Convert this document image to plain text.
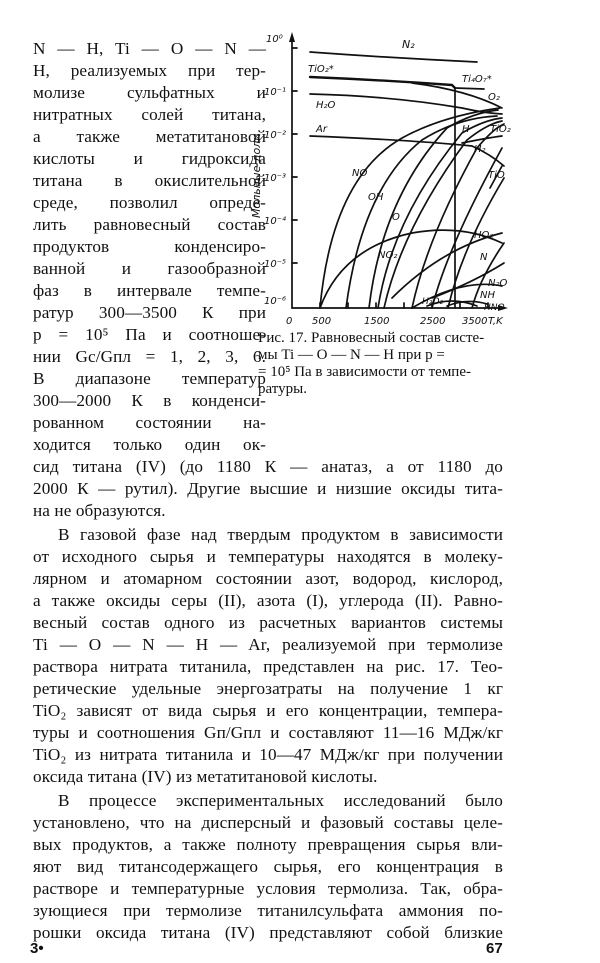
N — H, Ti — O — N —
H, реализуемых при тер-
молизе сульфатных и
нитратных солей титана,
а также метатитановой
кислоты и гидроксида
титана в окислительной
среде, позволил опреде-
лить равновесный состав
продуктов конденсиро-
ванной и газообразной
фаз в интервале темпе-
ратур 300—3500 К при
p = 10⁵ Па и соотноше-
нии Gс/Gпл = 1, 2, 3, 6.
В диапазоне температур
300—2000 К в конденси-
рованном состоянии на-
ходится только один ок-
10⁰
10⁻¹
10⁻²
10⁻³
10⁻⁴
10⁻⁵
10⁻⁶
Мольные доли
0 500	1500	2500 3500 T,K
N₂
TiO₂*
Ti₄O₇*
O₂
H₂O
Ar	H TiO₂
H₂
NO
OH
O
NO₂
TiO
HO₂
N
N₂O
NH
HNO
H₂O₂
Рис. 17. Равновесный состав систе-
мы Ti — O — N — H при p =
= 10⁵ Па в зависимости от темпе-
ратуры.
сид титана (IV) (до 1180 К — анатаз, а от 1180 до
2000 К — рутил). Другие высшие и низшие оксиды тита-
на не образуются.
В газовой фазе над твердым продуктом в зависимости
от исходного сырья и температуры находятся в молеку-
лярном и атомарном состоянии азот, водород, кислород,
а также оксиды серы (II), азота (I), углерода (II). Равно-
весный состав одного из расчетных вариантов системы
Ti — O — N — H — Ar, реализуемой при термолизе
раствора нитрата титанила, представлен на рис. 17. Тео-
ретические удельные энергозатраты на получение 1 кг
TiO₂ зависят от вида сырья и его концентрации, темпера-
туры и соотношения Gп/Gпл и составляют 11—16 МДж/кг
TiO₂ из нитрата титанила и 10—47 МДж/кг при получении
оксида титана (IV) из метатитановой кислоты.
В процессе экспериментальных исследований было
установлено, что на дисперсный и фазовый составы целе-
вых продуктов, а также полноту превращения сырья вли-
яют вид титансодержащего сырья, его концентрация в
растворе и температурные условия термолиза. Так, обра-
зующиеся при термолизе титанилсульфата аммония по-
рошки оксида титана (IV) представляют собой близкие
3•	67
